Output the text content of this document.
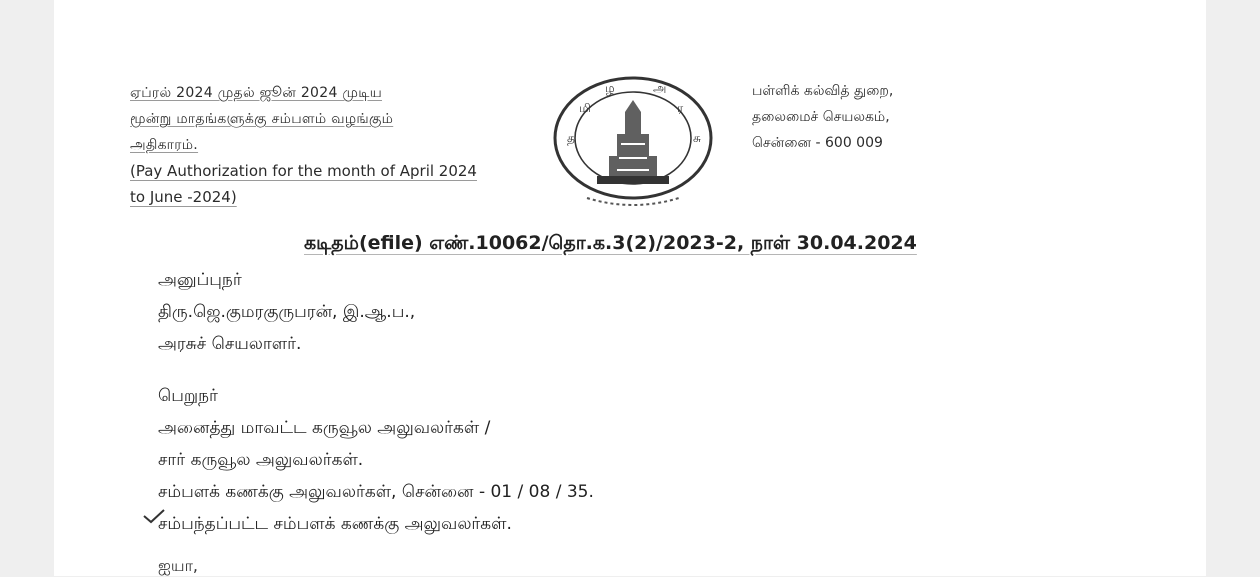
ஏப்ரல் 2024 முதல் ஜூன் 2024 முடிய
மூன்று மாதங்களுக்கு சம்பளம் வழங்கும்
அதிகாரம்.
(Pay Authorization for the month of April 2024
to June -2024)
த
மி
ழ	அ
ர
சு
பள்ளிக் கல்வித் துறை,
தலைமைச் செயலகம்,
சென்னை - 600 009
கடிதம்(efile) எண்.10062/தொ.க.3(2)/2023-2, நாள் 30.04.2024
அனுப்புநர்
திரு.ஜெ.குமரகுருபரன், இ.ஆ.ப.,
அரசுச் செயலாளர்.
பெறுநர்
அனைத்து மாவட்ட கருவூல அலுவலர்கள் /
சார் கருவூல அலுவலர்கள்.
சம்பளக் கணக்கு அலுவலர்கள், சென்னை - 01 / 08 / 35.
சம்பந்தப்பட்ட சம்பளக் கணக்கு அலுவலர்கள்.
ஐயா,
